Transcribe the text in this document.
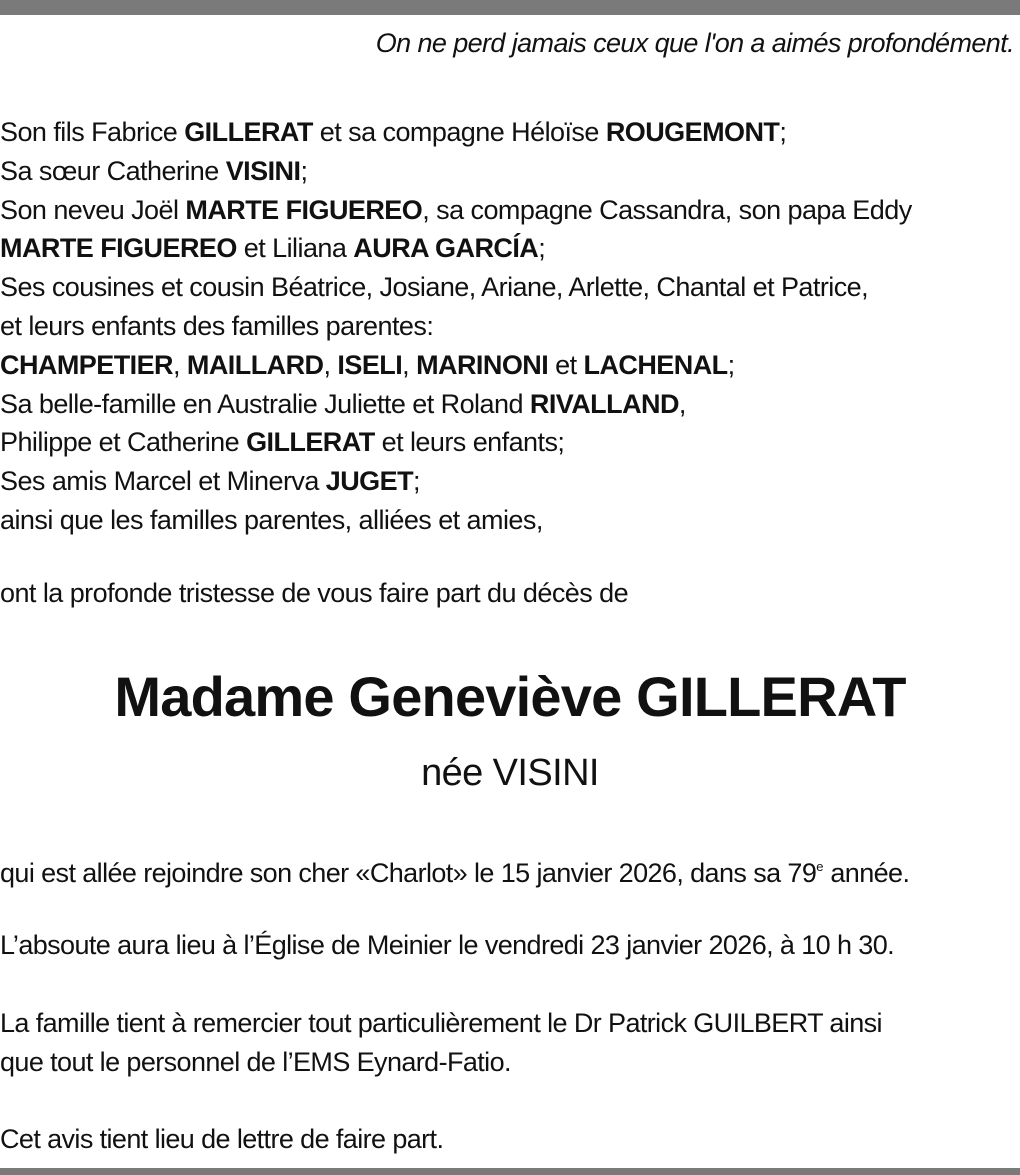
On ne perd jamais ceux que l'on a aimés profondément.
Son fils Fabrice GILLERAT et sa compagne Héloïse ROUGEMONT;
Sa sœur Catherine VISINI;
Son neveu Joël MARTE FIGUEREO, sa compagne Cassandra, son papa Eddy
MARTE FIGUEREO et Liliana AURA GARCÍA;
Ses cousines et cousin Béatrice, Josiane, Ariane, Arlette, Chantal et Patrice,
et leurs enfants des familles parentes:
CHAMPETIER, MAILLARD, ISELI, MARINONI et LACHENAL;
Sa belle-famille en Australie Juliette et Roland RIVALLAND,
Philippe et Catherine GILLERAT et leurs enfants;
Ses amis Marcel et Minerva JUGET;
ainsi que les familles parentes, alliées et amies,
ont la profonde tristesse de vous faire part du décès de
Madame Geneviève GILLERAT
née VISINI
qui est allée rejoindre son cher «Charlot» le 15 janvier 2026, dans sa 79e année.
L’absoute aura lieu à l’Église de Meinier le vendredi 23 janvier 2026, à 10 h 30.
La famille tient à remercier tout particulièrement le Dr Patrick GUILBERT ainsi
que tout le personnel de l’EMS Eynard-Fatio.
Cet avis tient lieu de lettre de faire part.
